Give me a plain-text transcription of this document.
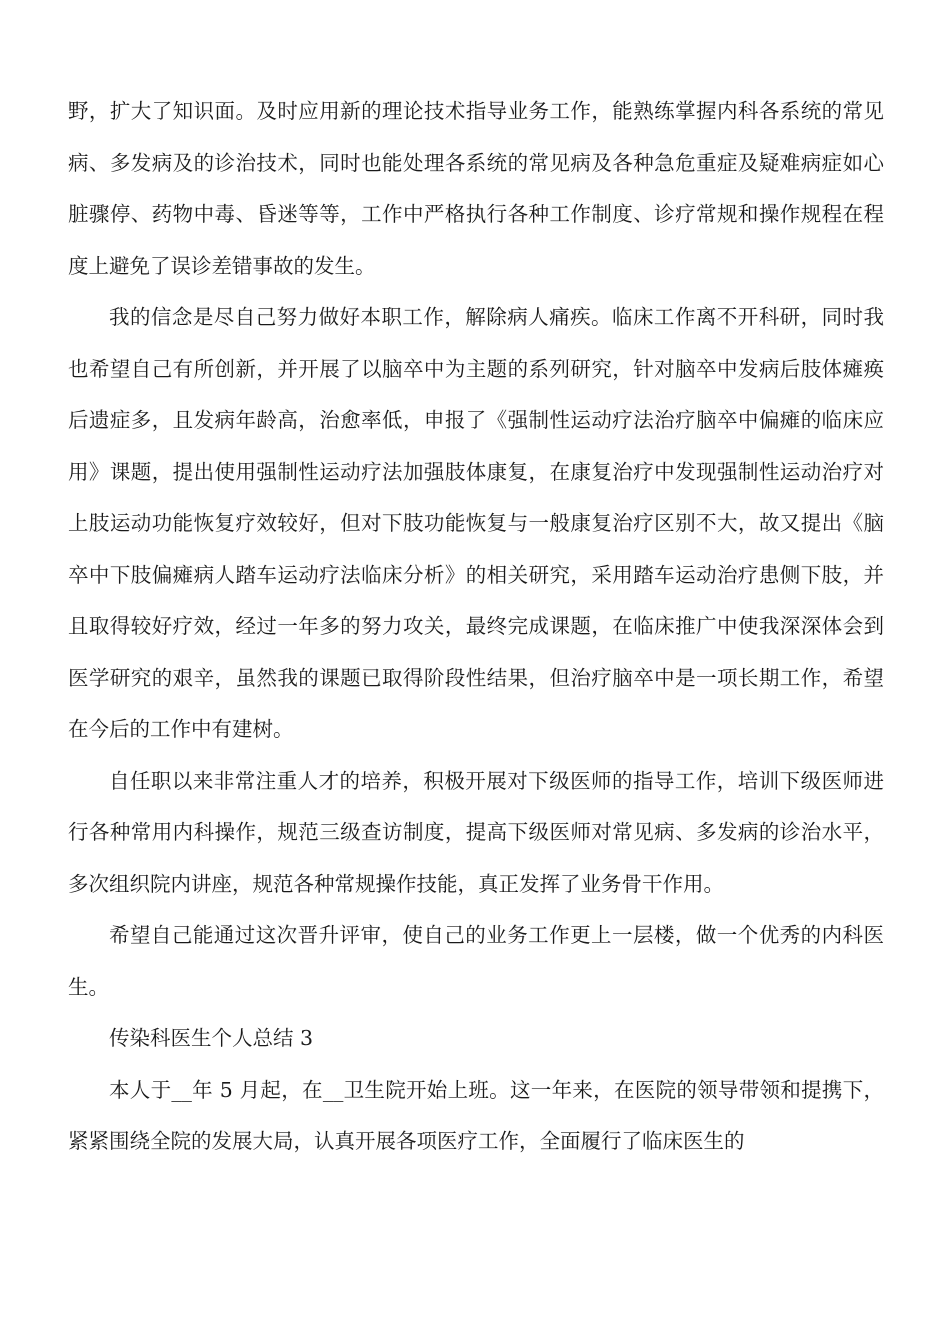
野，扩大了知识面。及时应用新的理论技术指导业务工作，能熟练掌握内科各系统的常见病、多发病及的诊治技术，同时也能处理各系统的常见病及各种急危重症及疑难病症如心脏骤停、药物中毒、昏迷等等，工作中严格执行各种工作制度、诊疗常规和操作规程在程度上避免了误诊差错事故的发生。

我的信念是尽自己努力做好本职工作，解除病人痛疾。临床工作离不开科研，同时我也希望自己有所创新，并开展了以脑卒中为主题的系列研究，针对脑卒中发病后肢体瘫痪后遗症多，且发病年龄高，治愈率低，申报了《强制性运动疗法治疗脑卒中偏瘫的临床应用》课题，提出使用强制性运动疗法加强肢体康复，在康复治疗中发现强制性运动治疗对上肢运动功能恢复疗效较好，但对下肢功能恢复与一般康复治疗区别不大，故又提出《脑卒中下肢偏瘫病人踏车运动疗法临床分析》的相关研究，采用踏车运动治疗患侧下肢，并且取得较好疗效，经过一年多的努力攻关，最终完成课题，在临床推广中使我深深体会到医学研究的艰辛，虽然我的课题已取得阶段性结果，但治疗脑卒中是一项长期工作，希望在今后的工作中有建树。

自任职以来非常注重人才的培养，积极开展对下级医师的指导工作，培训下级医师进行各种常用内科操作，规范三级查访制度，提高下级医师对常见病、多发病的诊治水平，多次组织院内讲座，规范各种常规操作技能，真正发挥了业务骨干作用。

希望自己能通过这次晋升评审，使自己的业务工作更上一层楼，做一个优秀的内科医生。

传染科医生个人总结 3

本人于__年 5 月起，在__卫生院开始上班。这一年来，在医院的领导带领和提携下，紧紧围绕全院的发展大局，认真开展各项医疗工作，全面履行了临床医生的
